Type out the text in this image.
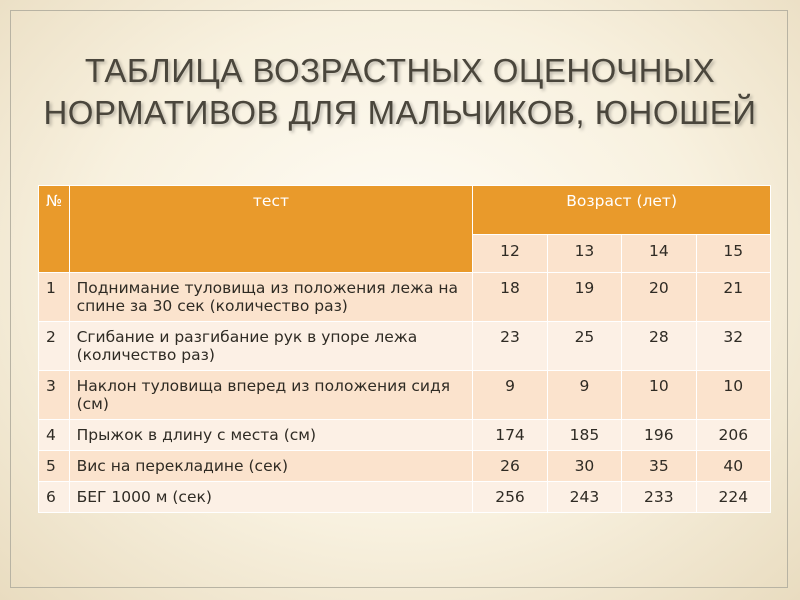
ТАБЛИЦА ВОЗРАСТНЫХ ОЦЕНОЧНЫХ
НОРМАТИВОВ ДЛЯ МАЛЬЧИКОВ, ЮНОШЕЙ
№	тест	Возраст (лет)			
		12	13	14	15
1	Поднимание туловища из положения лежа на спине за 30 сек (количество раз)	18	19	20	21
2	Сгибание и разгибание рук в упоре лежа (количество раз)	23	25	28	32
3	Наклон туловища вперед из положения сидя (см)	9	9	10	10
4	Прыжок в длину с места (см)	174	185	196	206
5	Вис на перекладине (сек)	26	30	35	40
6	БЕГ 1000 м (сек)	256	243	233	224
